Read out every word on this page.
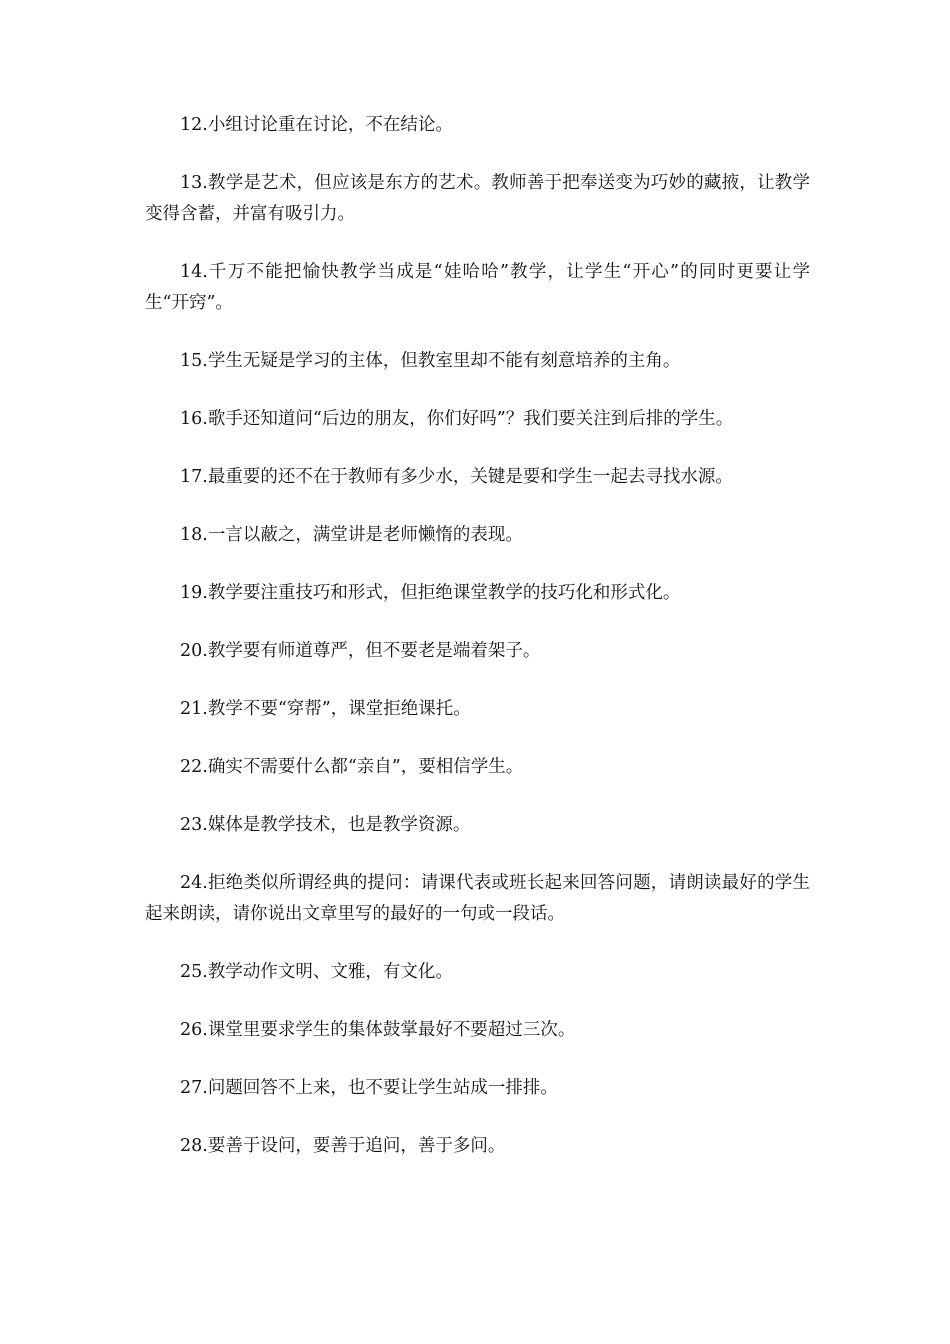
12.小组讨论重在讨论，不在结论。

13.教学是艺术，但应该是东方的艺术。教师善于把奉送变为巧妙的藏掖，让教学变得含蓄，并富有吸引力。

14.千万不能把愉快教学当成是“娃哈哈”教学，让学生“开心”的同时更要让学生“开窍”。

15.学生无疑是学习的主体，但教室里却不能有刻意培养的主角。

16.歌手还知道问“后边的朋友，你们好吗”？我们要关注到后排的学生。

17.最重要的还不在于教师有多少水，关键是要和学生一起去寻找水源。

18.一言以蔽之，满堂讲是老师懒惰的表现。

19.教学要注重技巧和形式，但拒绝课堂教学的技巧化和形式化。

20.教学要有师道尊严，但不要老是端着架子。

21.教学不要“穿帮”，课堂拒绝课托。

22.确实不需要什么都“亲自”，要相信学生。

23.媒体是教学技术，也是教学资源。

24.拒绝类似所谓经典的提问：请课代表或班长起来回答问题，请朗读最好的学生起来朗读，请你说出文章里写的最好的一句或一段话。

25.教学动作文明、文雅，有文化。

26.课堂里要求学生的集体鼓掌最好不要超过三次。

27.问题回答不上来，也不要让学生站成一排排。

28.要善于设问，要善于追问，善于多问。
